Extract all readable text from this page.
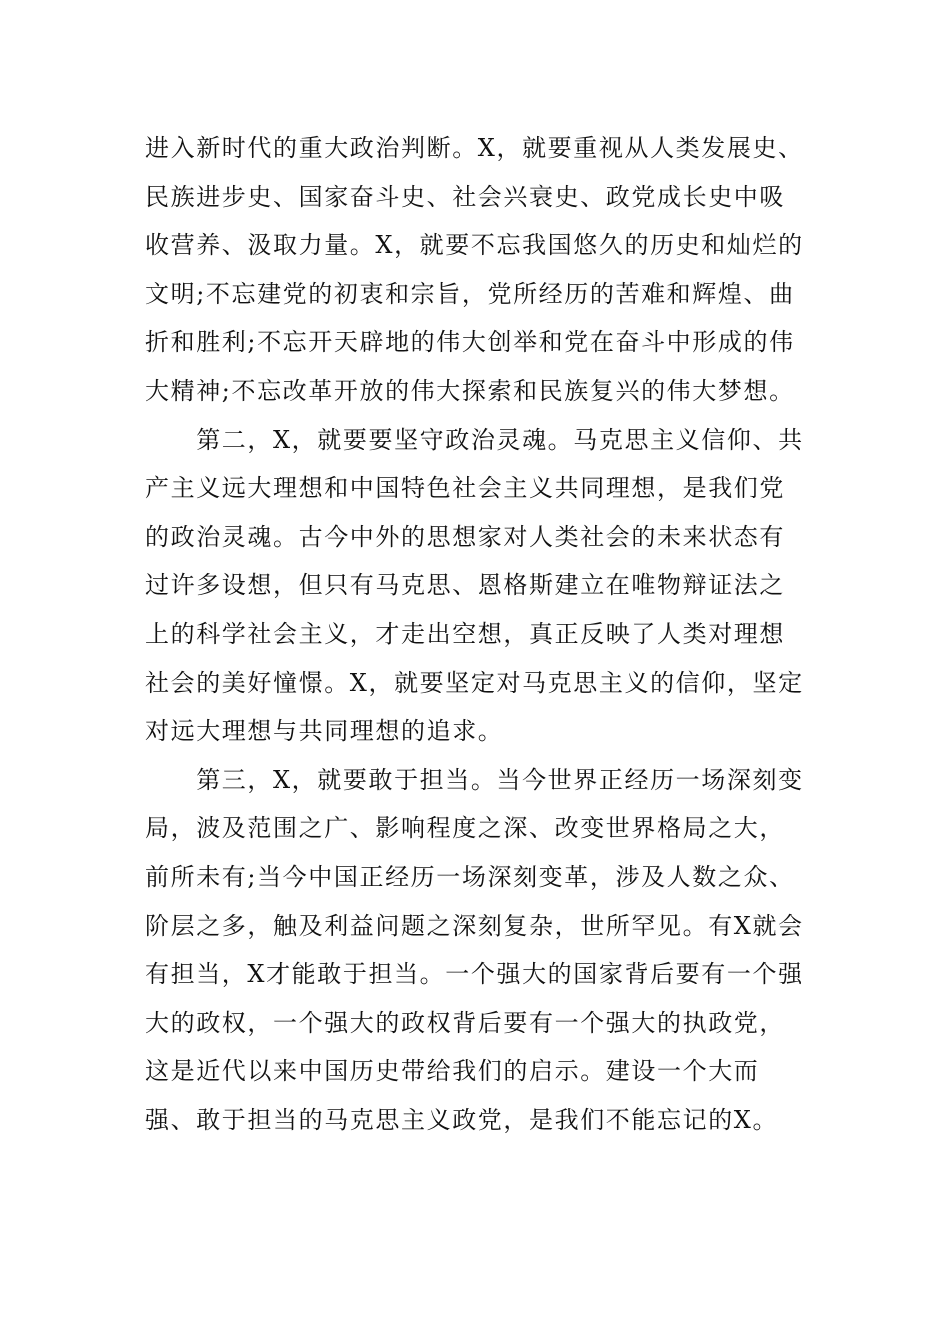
进入新时代的重大政治判断。X，就要重视从人类发展史、
民族进步史、国家奋斗史、社会兴衰史、政党成长史中吸
收营养、汲取力量。X，就要不忘我国悠久的历史和灿烂的
文明;不忘建党的初衷和宗旨，党所经历的苦难和辉煌、曲
折和胜利;不忘开天辟地的伟大创举和党在奋斗中形成的伟
大精神;不忘改革开放的伟大探索和民族复兴的伟大梦想。
　　第二，X，就要要坚守政治灵魂。马克思主义信仰、共
产主义远大理想和中国特色社会主义共同理想，是我们党
的政治灵魂。古今中外的思想家对人类社会的未来状态有
过许多设想，但只有马克思、恩格斯建立在唯物辩证法之
上的科学社会主义，才走出空想，真正反映了人类对理想
社会的美好憧憬。X，就要坚定对马克思主义的信仰，坚定
对远大理想与共同理想的追求。
　　第三，X，就要敢于担当。当今世界正经历一场深刻变
局，波及范围之广、影响程度之深、改变世界格局之大，
前所未有;当今中国正经历一场深刻变革，涉及人数之众、
阶层之多，触及利益问题之深刻复杂，世所罕见。有X就会
有担当，X才能敢于担当。一个强大的国家背后要有一个强
大的政权，一个强大的政权背后要有一个强大的执政党，
这是近代以来中国历史带给我们的启示。建设一个大而
强、敢于担当的马克思主义政党，是我们不能忘记的X。
